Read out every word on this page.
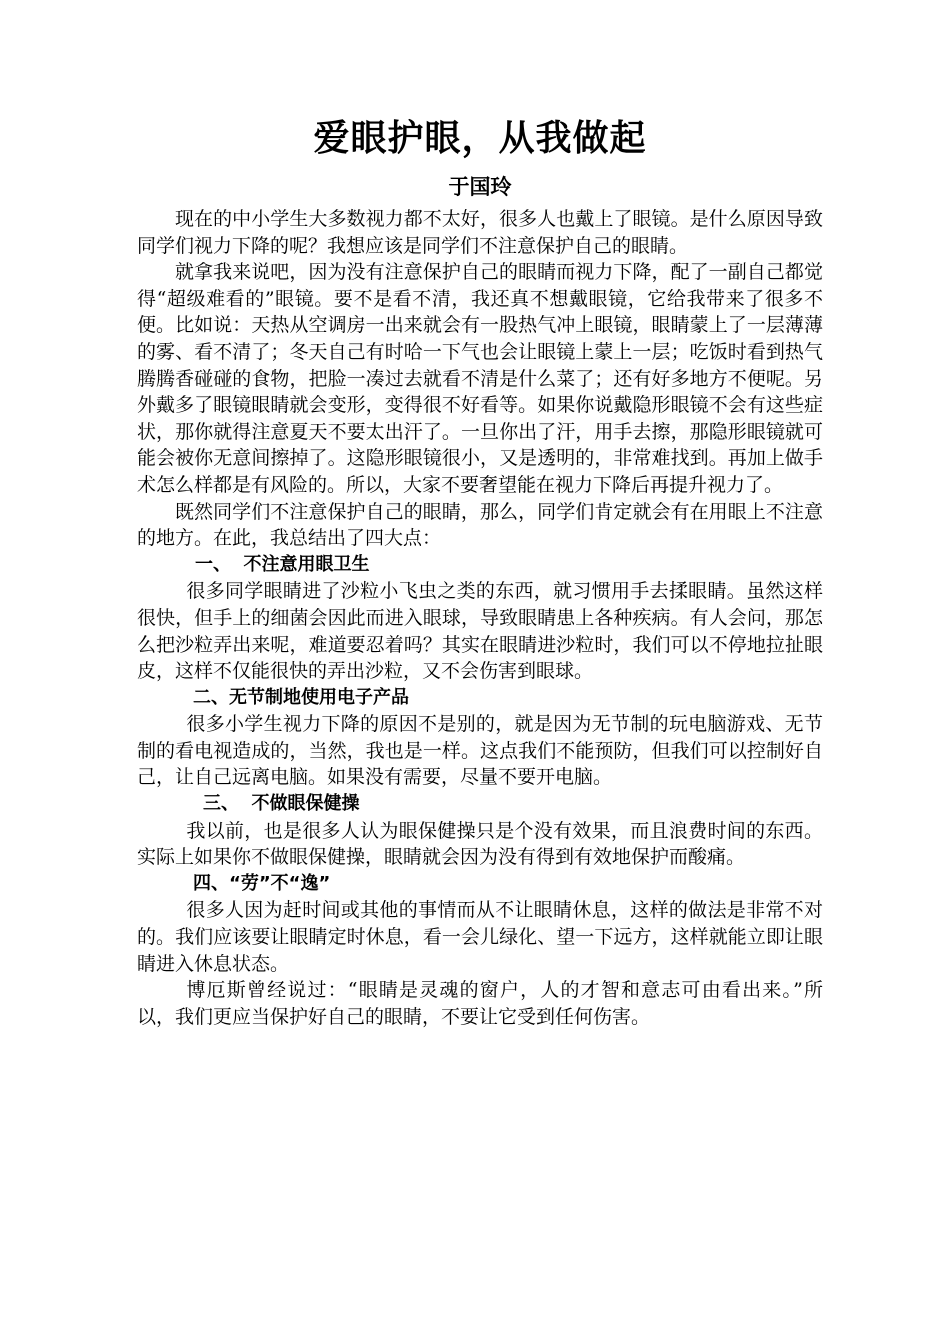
爱眼护眼，从我做起
于国玲

现在的中小学生大多数视力都不太好，很多人也戴上了眼镜。是什么原因导致同学们视力下降的呢？我想应该是同学们不注意保护自己的眼睛。

就拿我来说吧，因为没有注意保护自己的眼睛而视力下降，配了一副自己都觉得“超级难看的”眼镜。要不是看不清，我还真不想戴眼镜，它给我带来了很多不便。比如说：天热从空调房一出来就会有一股热气冲上眼镜，眼睛蒙上了一层薄薄的雾、看不清了；冬天自己有时哈一下气也会让眼镜上蒙上一层；吃饭时看到热气腾腾香碰碰的食物，把脸一凑过去就看不清是什么菜了；还有好多地方不便呢。另外戴多了眼镜眼睛就会变形，变得很不好看等。如果你说戴隐形眼镜不会有这些症状，那你就得注意夏天不要太出汗了。一旦你出了汗，用手去擦，那隐形眼镜就可能会被你无意间擦掉了。这隐形眼镜很小，又是透明的，非常难找到。再加上做手术怎么样都是有风险的。所以，大家不要奢望能在视力下降后再提升视力了。

既然同学们不注意保护自己的眼睛，那么，同学们肯定就会有在用眼上不注意的地方。在此，我总结出了四大点：

一、  不注意用眼卫生

很多同学眼睛进了沙粒小飞虫之类的东西，就习惯用手去揉眼睛。虽然这样很快，但手上的细菌会因此而进入眼球，导致眼睛患上各种疾病。有人会问，那怎么把沙粒弄出来呢，难道要忍着吗？其实在眼睛进沙粒时，我们可以不停地拉扯眼皮，这样不仅能很快的弄出沙粒，又不会伤害到眼球。

二、无节制地使用电子产品

很多小学生视力下降的原因不是别的，就是因为无节制的玩电脑游戏、无节制的看电视造成的，当然，我也是一样。这点我们不能预防，但我们可以控制好自己，让自己远离电脑。如果没有需要，尽量不要开电脑。

三、  不做眼保健操

我以前，也是很多人认为眼保健操只是个没有效果，而且浪费时间的东西。实际上如果你不做眼保健操，眼睛就会因为没有得到有效地保护而酸痛。

四、“劳”不“逸”

很多人因为赶时间或其他的事情而从不让眼睛休息，这样的做法是非常不对的。我们应该要让眼睛定时休息，看一会儿绿化、望一下远方，这样就能立即让眼睛进入休息状态。

博厄斯曾经说过：“眼睛是灵魂的窗户，人的才智和意志可由看出来。”所以，我们更应当保护好自己的眼睛，不要让它受到任何伤害。
